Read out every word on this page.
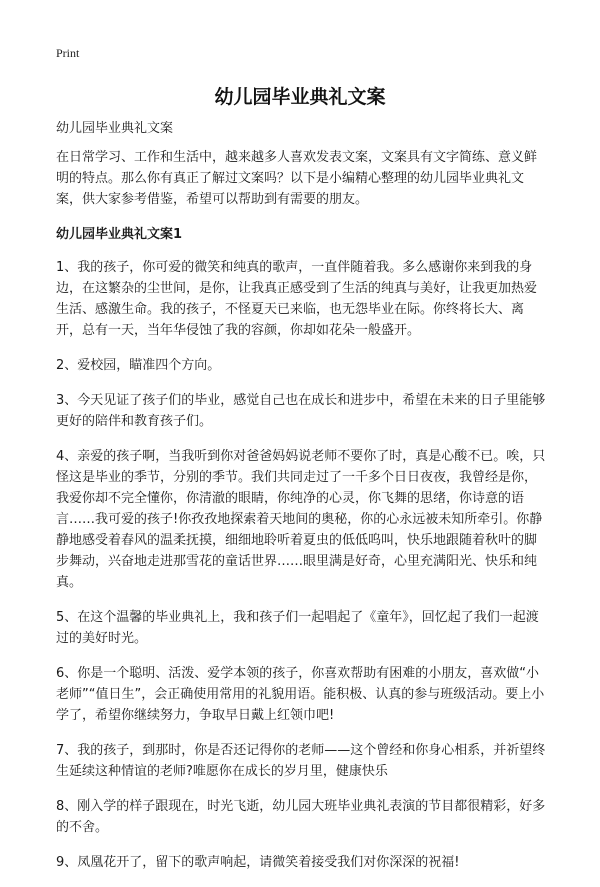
Print
幼儿园毕业典礼文案

幼儿园毕业典礼文案

在日常学习、工作和生活中，越来越多人喜欢发表文案，文案具有文字简练、意义鲜明的特点。那么你有真正了解过文案吗？以下是小编精心整理的幼儿园毕业典礼文案，供大家参考借鉴，希望可以帮助到有需要的朋友。

幼儿园毕业典礼文案1

1、我的孩子，你可爱的微笑和纯真的歌声，一直伴随着我。多么感谢你来到我的身边，在这繁杂的尘世间，是你，让我真正感受到了生活的纯真与美好，让我更加热爱生活、感激生命。我的孩子，不怪夏天已来临，也无怨毕业在际。你终将长大、离开，总有一天，当年华侵蚀了我的容颜，你却如花朵一般盛开。

2、爱校园，瞄准四个方向。

3、今天见证了孩子们的毕业，感觉自己也在成长和进步中，希望在未来的日子里能够更好的陪伴和教育孩子们。

4、亲爱的孩子啊，当我听到你对爸爸妈妈说老师不要你了时，真是心酸不已。唉，只怪这是毕业的季节，分别的季节。我们共同走过了一千多个日日夜夜，我曾经是你，我爱你却不完全懂你，你清澈的眼睛，你纯净的心灵，你飞舞的思绪，你诗意的语言……我可爱的孩子!你孜孜地探索着天地间的奥秘，你的心永远被未知所牵引。你静静地感受着春风的温柔抚摸，细细地聆听着夏虫的低低呜叫，快乐地跟随着秋叶的脚步舞动，兴奋地走进那雪花的童话世界……眼里满是好奇，心里充满阳光、快乐和纯真。

5、在这个温馨的毕业典礼上，我和孩子们一起唱起了《童年》，回忆起了我们一起渡过的美好时光。

6、你是一个聪明、活泼、爱学本领的孩子，你喜欢帮助有困难的小朋友，喜欢做“小老师”“值日生”，会正确使用常用的礼貌用语。能积极、认真的参与班级活动。要上小学了，希望你继续努力，争取早日戴上红领巾吧!

7、我的孩子，到那时，你是否还记得你的老师——这个曾经和你身心相系，并祈望终生延续这种情谊的老师?唯愿你在成长的岁月里，健康快乐

8、刚入学的样子跟现在，时光飞逝，幼儿园大班毕业典礼表演的节目都很精彩，好多的不舍。

9、凤凰花开了，留下的歌声响起，请微笑着接受我们对你深深的祝福!
